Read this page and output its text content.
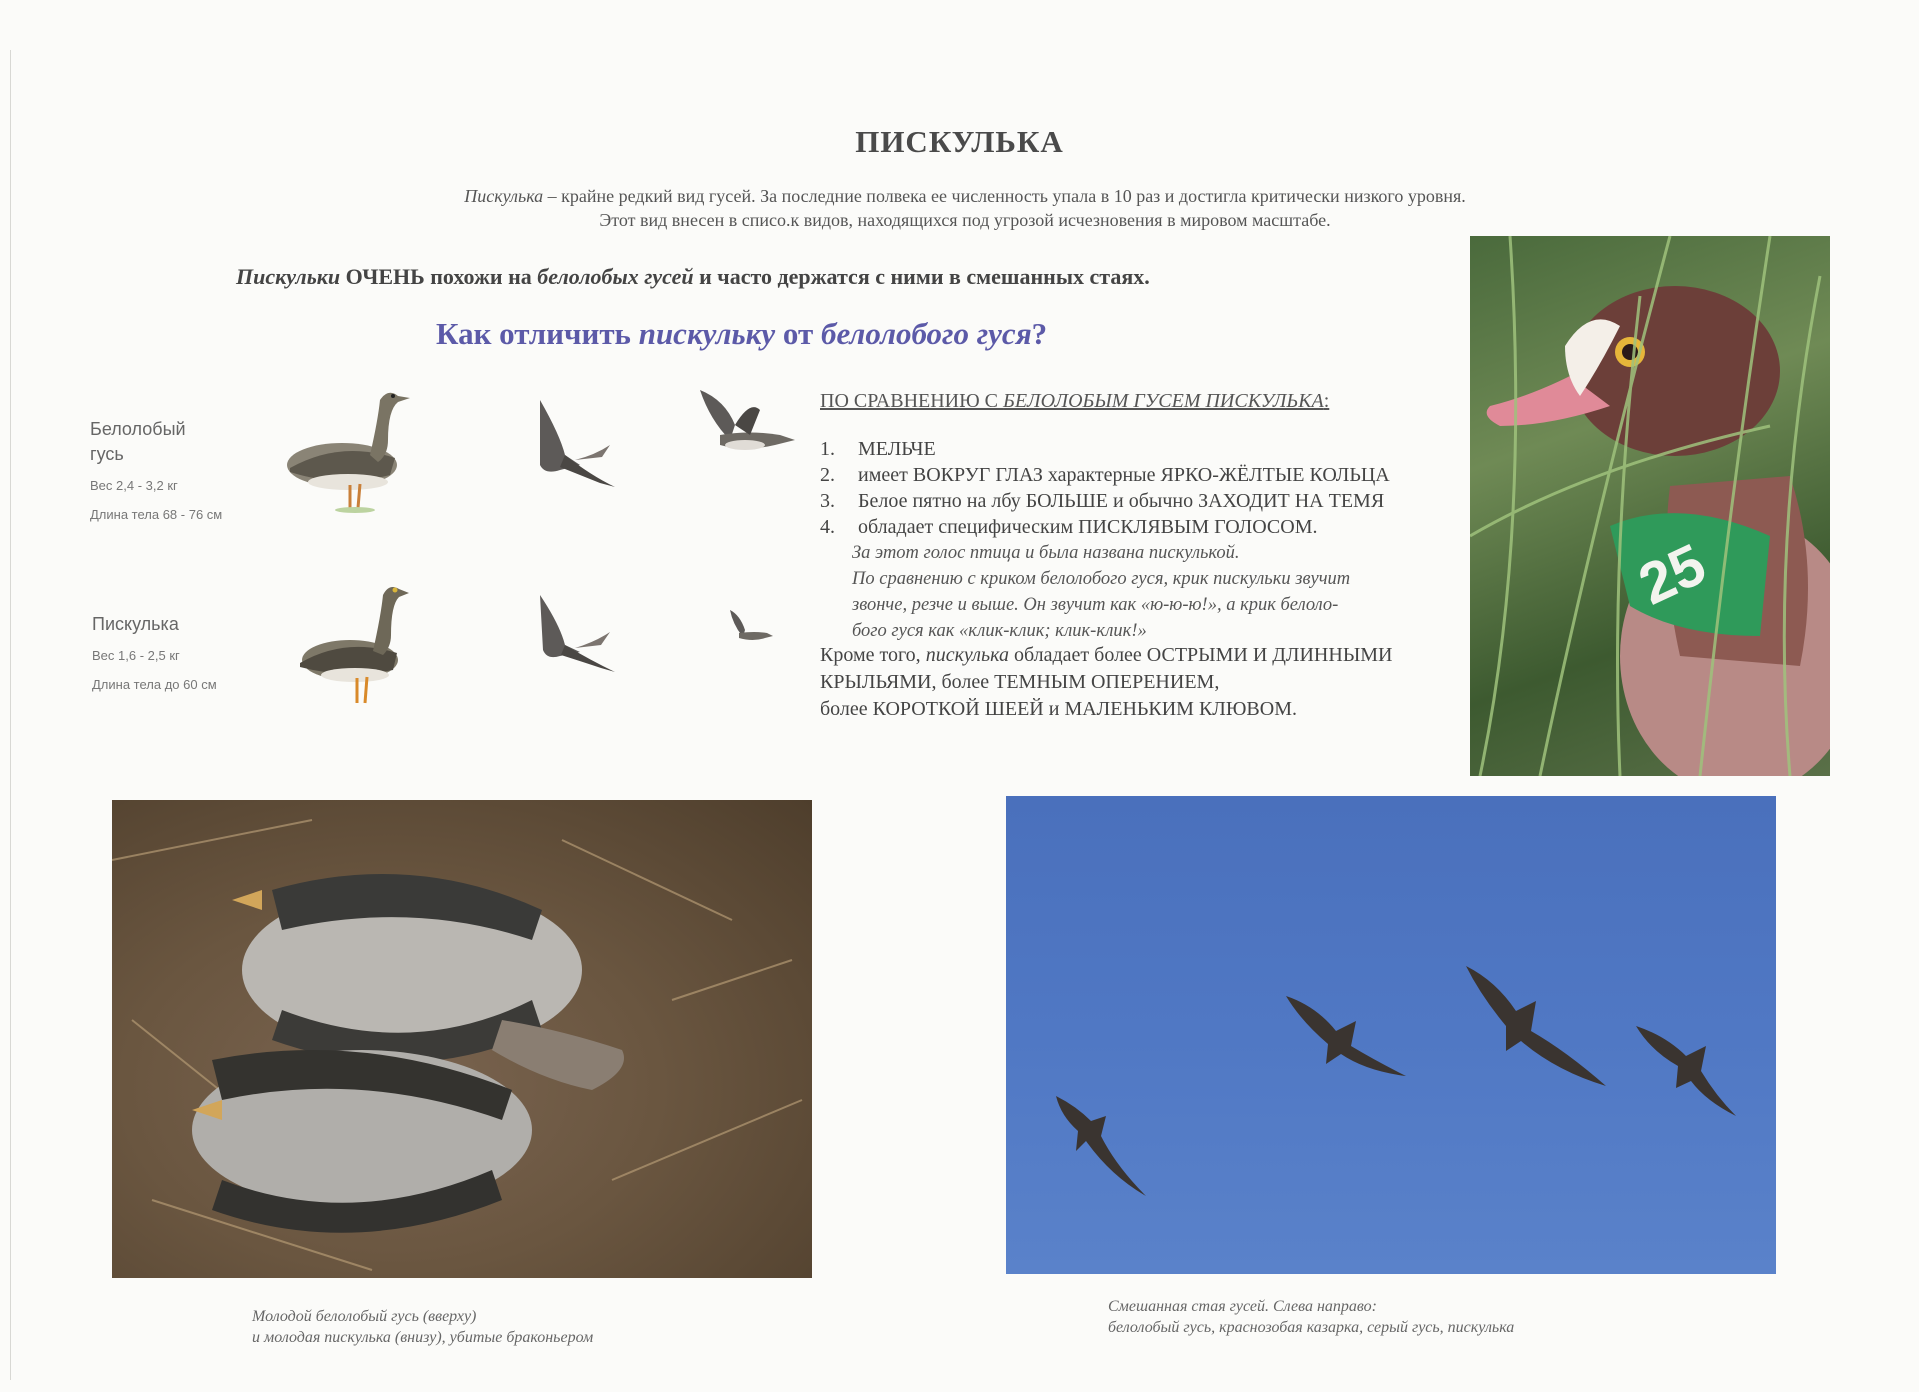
ПИСКУЛЬКА
Пискулька – крайне редкий вид гусей. За последние полвека ее численность упала в 10 раз и достигла критически низкого уровня.
Этот вид внесен в списо.к видов, находящихся под угрозой исчезновения в мировом масштабе.
Пискульки ОЧЕНЬ похожи на белолобых гусей и часто держатся с ними в смешанных стаях.
Как отличить пискульку от белолобого гуся?
Белолобый
гусь
Вес 2,4 - 3,2 кг
Длина тела 68 - 76 см
Пискулька
Вес 1,6 - 2,5 кг
Длина тела до 60 см
ПО СРАВНЕНИЮ С БЕЛОЛОБЫМ ГУСЕМ ПИСКУЛЬКА:
1.	МЕЛЬЧЕ
2.	имеет ВОКРУГ ГЛАЗ характерные ЯРКО-ЖЁЛТЫЕ КОЛЬЦА
3.	Белое пятно на лбу БОЛЬШЕ и обычно ЗАХОДИТ НА ТЕМЯ
4.	обладает специфическим ПИСКЛЯВЫМ ГОЛОСОМ.
За этот голос птица и была названа пискулькой.
По сравнению с криком белолобого гуся, крик пискульки звучит
звонче, резче и выше. Он звучит как «ю-ю-ю!», а крик белоло-
бого гуся как «клик-клик; клик-клик!»
Кроме того, пискулька обладает более ОСТРЫМИ И ДЛИННЫМИ
КРЫЛЬЯМИ, более ТЕМНЫМ ОПЕРЕНИЕМ,
более КОРОТКОЙ ШЕЕЙ и МАЛЕНЬКИМ КЛЮВОМ.
25
Молодой белолобый гусь (вверху)
и молодая пискулька (внизу), убитые браконьером
Смешанная стая гусей. Слева направо:
белолобый гусь, краснозобая казарка, серый гусь, пискулька
